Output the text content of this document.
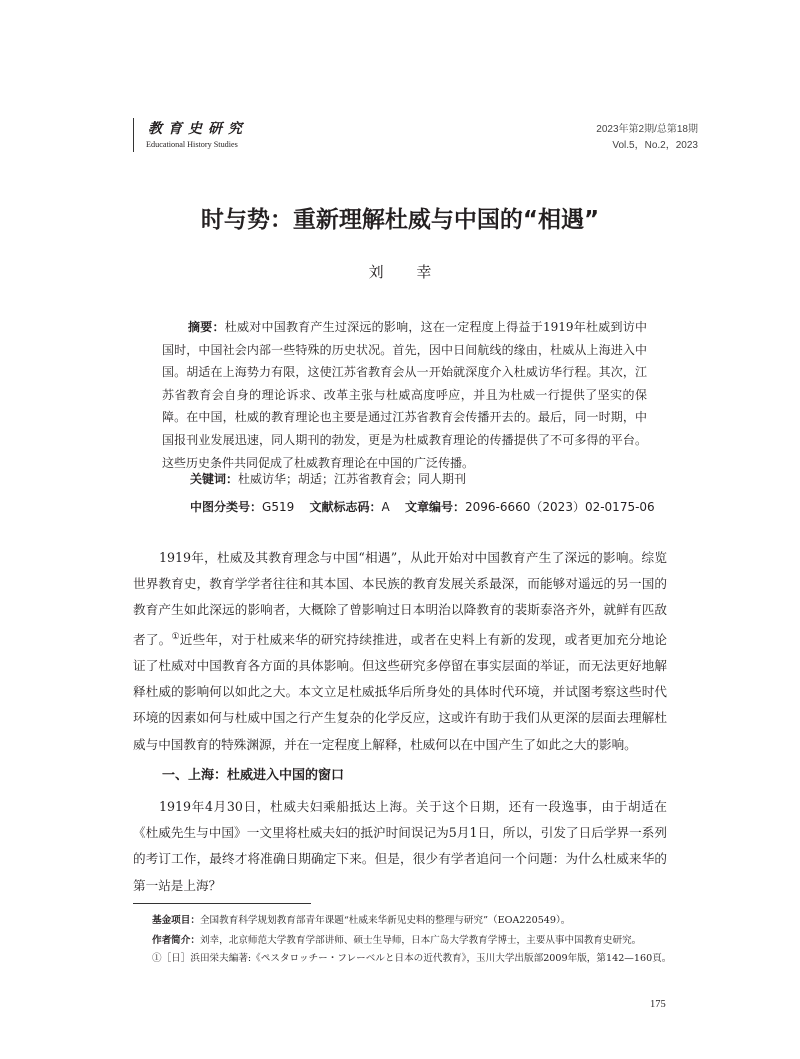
教育史研究
Educational History Studies
2023年第2期/总第18期
Vol.5，No.2，2023
时与势：重新理解杜威与中国的“相遇”
刘 幸

摘要：杜威对中国教育产生过深远的影响，这在一定程度上得益于1919年杜威到访中国时，中国社会内部一些特殊的历史状况。首先，因中日间航线的缘由，杜威从上海进入中国。胡适在上海势力有限，这使江苏省教育会从一开始就深度介入杜威访华行程。其次，江苏省教育会自身的理论诉求、改革主张与杜威高度呼应，并且为杜威一行提供了坚实的保障。在中国，杜威的教育理论也主要是通过江苏省教育会传播开去的。最后，同一时期，中国报刊业发展迅速，同人期刊的勃发，更是为杜威教育理论的传播提供了不可多得的平台。这些历史条件共同促成了杜威教育理论在中国的广泛传播。

关键词：杜威访华；胡适；江苏省教育会；同人期刊
中图分类号：G519 文献标志码：A 文章编号：2096-6660（2023）02-0175-06

1919年，杜威及其教育理念与中国“相遇”，从此开始对中国教育产生了深远的影响。综览世界教育史，教育学学者往往和其本国、本民族的教育发展关系最深，而能够对遥远的另一国的教育产生如此深远的影响者，大概除了曾影响过日本明治以降教育的裴斯泰洛齐外，就鲜有匹敌者了。①近些年，对于杜威来华的研究持续推进，或者在史料上有新的发现，或者更加充分地论证了杜威对中国教育各方面的具体影响。但这些研究多停留在事实层面的举证，而无法更好地解释杜威的影响何以如此之大。本文立足杜威抵华后所身处的具体时代环境，并试图考察这些时代环境的因素如何与杜威中国之行产生复杂的化学反应，这或许有助于我们从更深的层面去理解杜威与中国教育的特殊渊源，并在一定程度上解释，杜威何以在中国产生了如此之大的影响。

一、上海：杜威进入中国的窗口

1919年4月30日，杜威夫妇乘船抵达上海。关于这个日期，还有一段逸事，由于胡适在《杜威先生与中国》一文里将杜威夫妇的抵沪时间误记为5月1日，所以，引发了日后学界一系列的考订工作，最终才将准确日期确定下来。但是，很少有学者追问一个问题：为什么杜威来华的第一站是上海？

基金项目：全国教育科学规划教育部青年课题“杜威来华新见史料的整理与研究”（EOA220549）。
作者简介：刘幸，北京师范大学教育学部讲师、硕士生导师，日本广岛大学教育学博士，主要从事中国教育史研究。
①［日］浜田栄夫編著:《ペスタロッチー・フレーベルと日本の近代教育》，玉川大学出版部2009年版，第142—160頁。
175
